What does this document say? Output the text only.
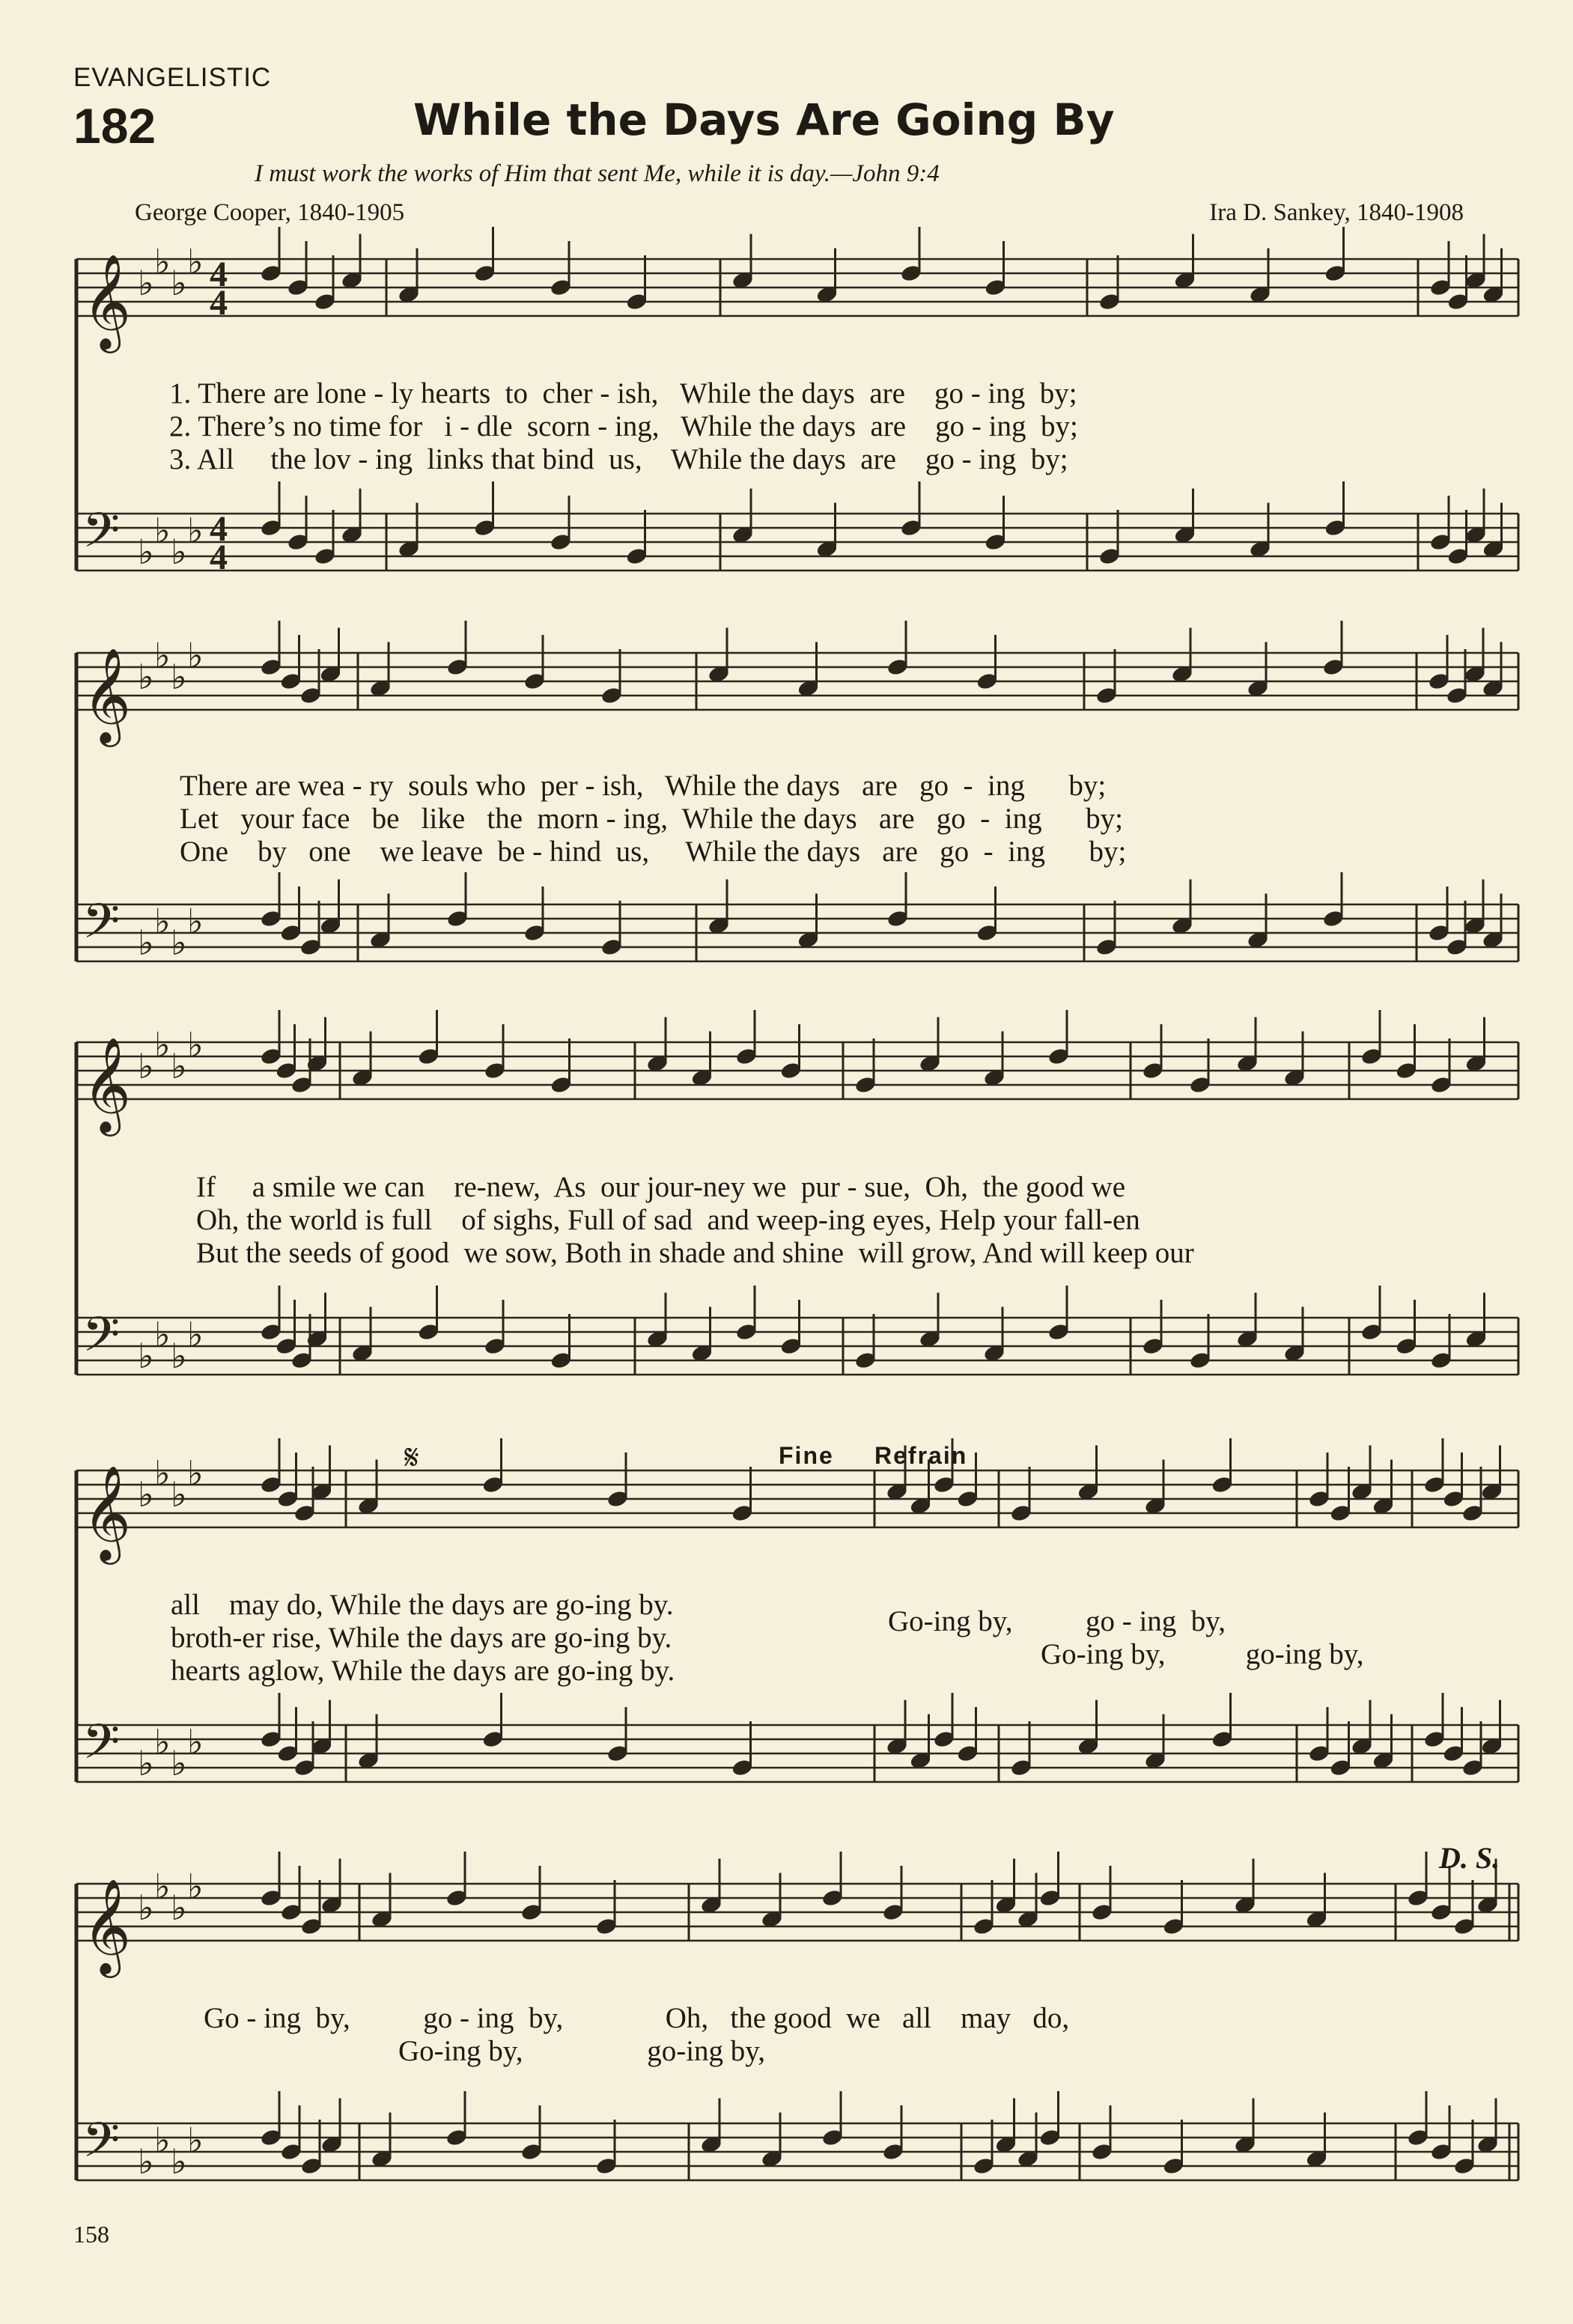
EVANGELISTIC
182	While the Days Are Going By
I must work the works of Him that sent Me, while it is day.—John 9:4
George Cooper, 1840-1905	Ira D. Sankey, 1840-1908
𝄞
𝄢
♭
♭
♭
♭
♭
♭
♭
♭
4
4
4
4
𝄞
𝄢
♭
♭
♭
♭
♭
♭
♭
♭
𝄞
𝄢
♭
♭
♭
♭
♭
♭
♭
♭
𝄞
𝄢
♭
♭
♭
♭
♭
♭
♭
♭
𝄞
𝄢
♭
♭
♭
♭
♭
♭
♭
♭
𝄋	Fine Refrain
D. S.
1. There are lone - ly hearts  to  cher - ish,   While the days  are    go - ing  by;
2. There’s no time for   i - dle  scorn - ing,   While the days  are    go - ing  by;
3. All     the lov - ing  links that bind  us,    While the days  are    go - ing  by;
There are wea - ry  souls who  per - ish,   While the days   are   go  -  ing      by;
Let   your face   be   like   the  morn - ing,  While the days   are   go  -  ing      by;
One    by   one    we leave  be - hind  us,     While the days   are   go  -  ing      by;
If     a smile we can    re-new,  As  our jour-ney we  pur - sue,  Oh,  the good we
Oh, the world is full    of sighs, Full of sad  and weep-ing eyes, Help your fall-en
But the seeds of good  we sow, Both in shade and shine  will grow, And will keep our
all    may do, While the days are go-ing by.
broth-er rise, While the days are go-ing by.
hearts aglow, While the days are go-ing by.
Go-ing by,          go - ing  by,
Go-ing by,           go-ing by,
Go - ing  by,          go - ing  by,              Oh,   the good  we   all    may   do,
Go-ing by,                 go-ing by,
158
